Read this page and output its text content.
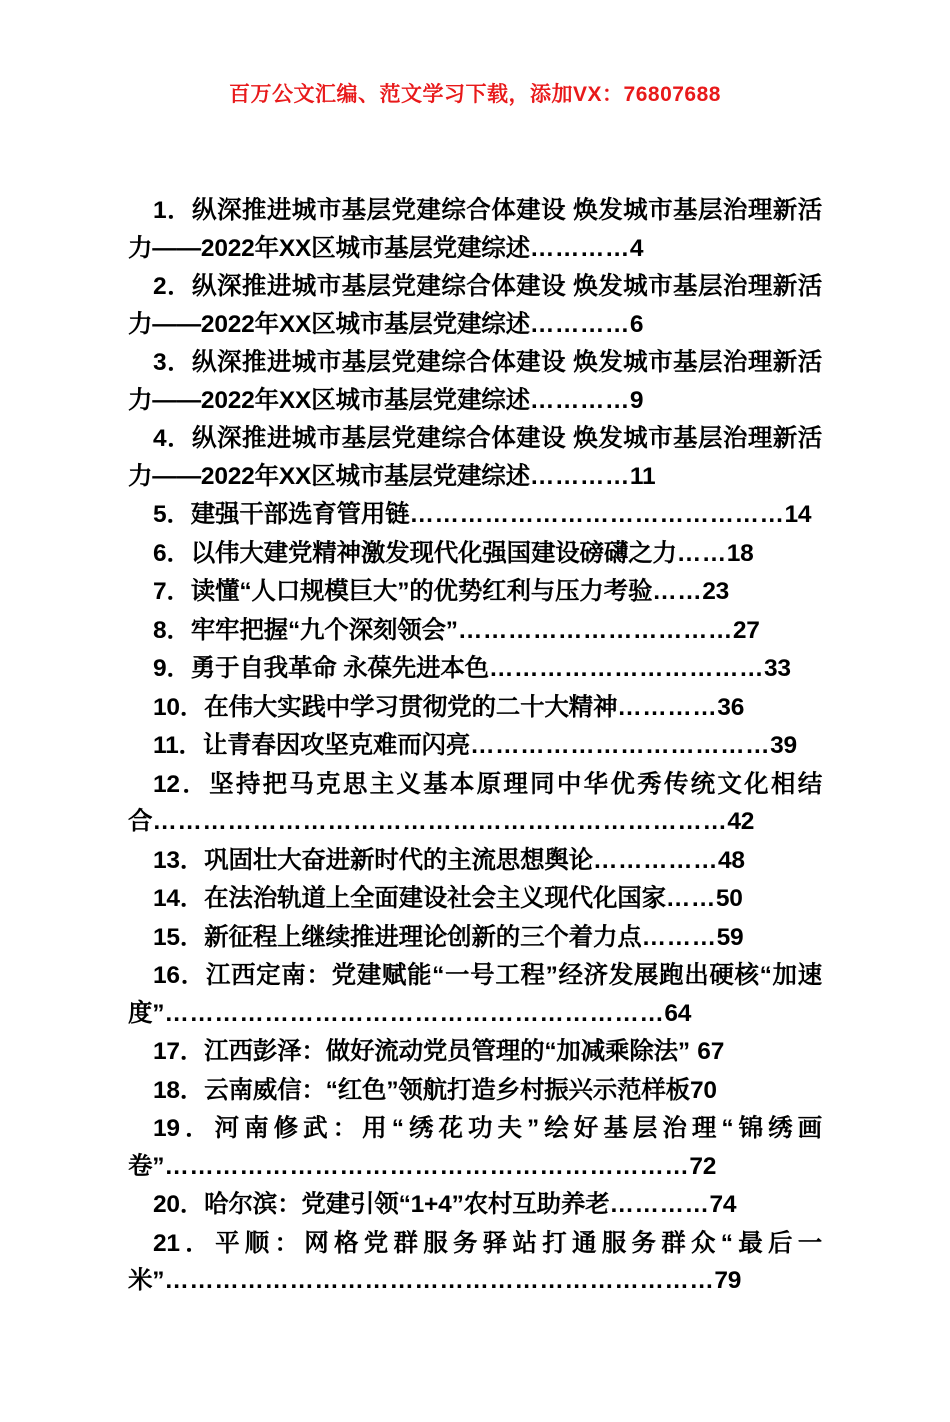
百万公文汇编、范文学习下载，添加VX：76807688

1．纵深推进城市基层党建综合体建设 焕发城市基层治理新活力——2022年XX区城市基层党建综述…………4

2．纵深推进城市基层党建综合体建设 焕发城市基层治理新活力——2022年XX区城市基层党建综述…………6

3．纵深推进城市基层党建综合体建设 焕发城市基层治理新活力——2022年XX区城市基层党建综述…………9

4．纵深推进城市基层党建综合体建设 焕发城市基层治理新活力——2022年XX区城市基层党建综述…………11

5．建强干部选育管用链………………………………………14

6．以伟大建党精神激发现代化强国建设磅礴之力……18

7．读懂“人口规模巨大”的优势红利与压力考验……23

8．牢牢把握“九个深刻领会”……………………………27

9．勇于自我革命 永葆先进本色……………………………33

10．在伟大实践中学习贯彻党的二十大精神…………36

11．让青春因攻坚克难而闪亮………………………………39

12．坚持把马克思主义基本原理同中华优秀传统文化相结合……………………………………………………………42

13．巩固壮大奋进新时代的主流思想舆论……………48

14．在法治轨道上全面建设社会主义现代化国家……50

15．新征程上继续推进理论创新的三个着力点………59

16．江西定南：党建赋能“一号工程”经济发展跑出硬核“加速度”……………………………………………………64

17．江西彭泽：做好流动党员管理的“加减乘除法” 67

18．云南威信：“红色”领航打造乡村振兴示范样板70

19．河南修武：用“绣花功夫”绘好基层治理“锦绣画卷”………………………………………………………72

20．哈尔滨：党建引领“1+4”农村互助养老…………74

21．平顺：网格党群服务驿站打通服务群众“最后一米”…………………………………………………………79
